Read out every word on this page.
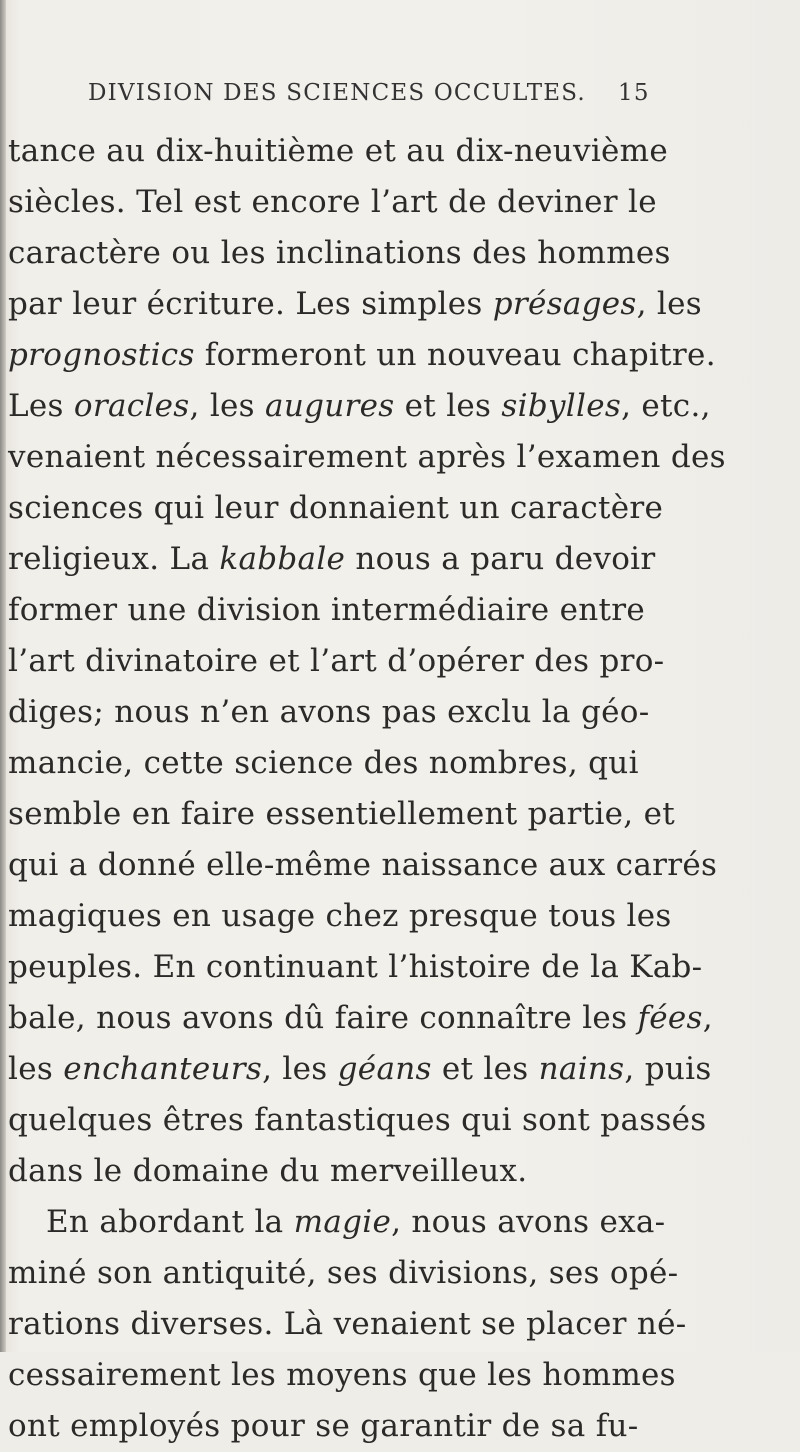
DIVISION DES SCIENCES OCCULTES. 15
tance au dix-huitième et au dix-neuvième
siècles. Tel est encore l’art de deviner le
caractère ou les inclinations des hommes
par leur écriture. Les simples présages, les
prognostics formeront un nouveau chapitre.
Les oracles, les augures et les sibylles, etc.,
venaient nécessairement après l’examen des
sciences qui leur donnaient un caractère
religieux. La kabbale nous a paru devoir
former une division intermédiaire entre
l’art divinatoire et l’art d’opérer des pro-
diges; nous n’en avons pas exclu la géo-
mancie, cette science des nombres, qui
semble en faire essentiellement partie, et
qui a donné elle-même naissance aux carrés
magiques en usage chez presque tous les
peuples. En continuant l’histoire de la Kab-
bale, nous avons dû faire connaître les fées,
les enchanteurs, les géans et les nains, puis
quelques êtres fantastiques qui sont passés
dans le domaine du merveilleux.
En abordant la magie, nous avons exa-
miné son antiquité, ses divisions, ses opé-
rations diverses. Là venaient se placer né-
cessairement les moyens que les hommes
ont employés pour se garantir de sa fu-
